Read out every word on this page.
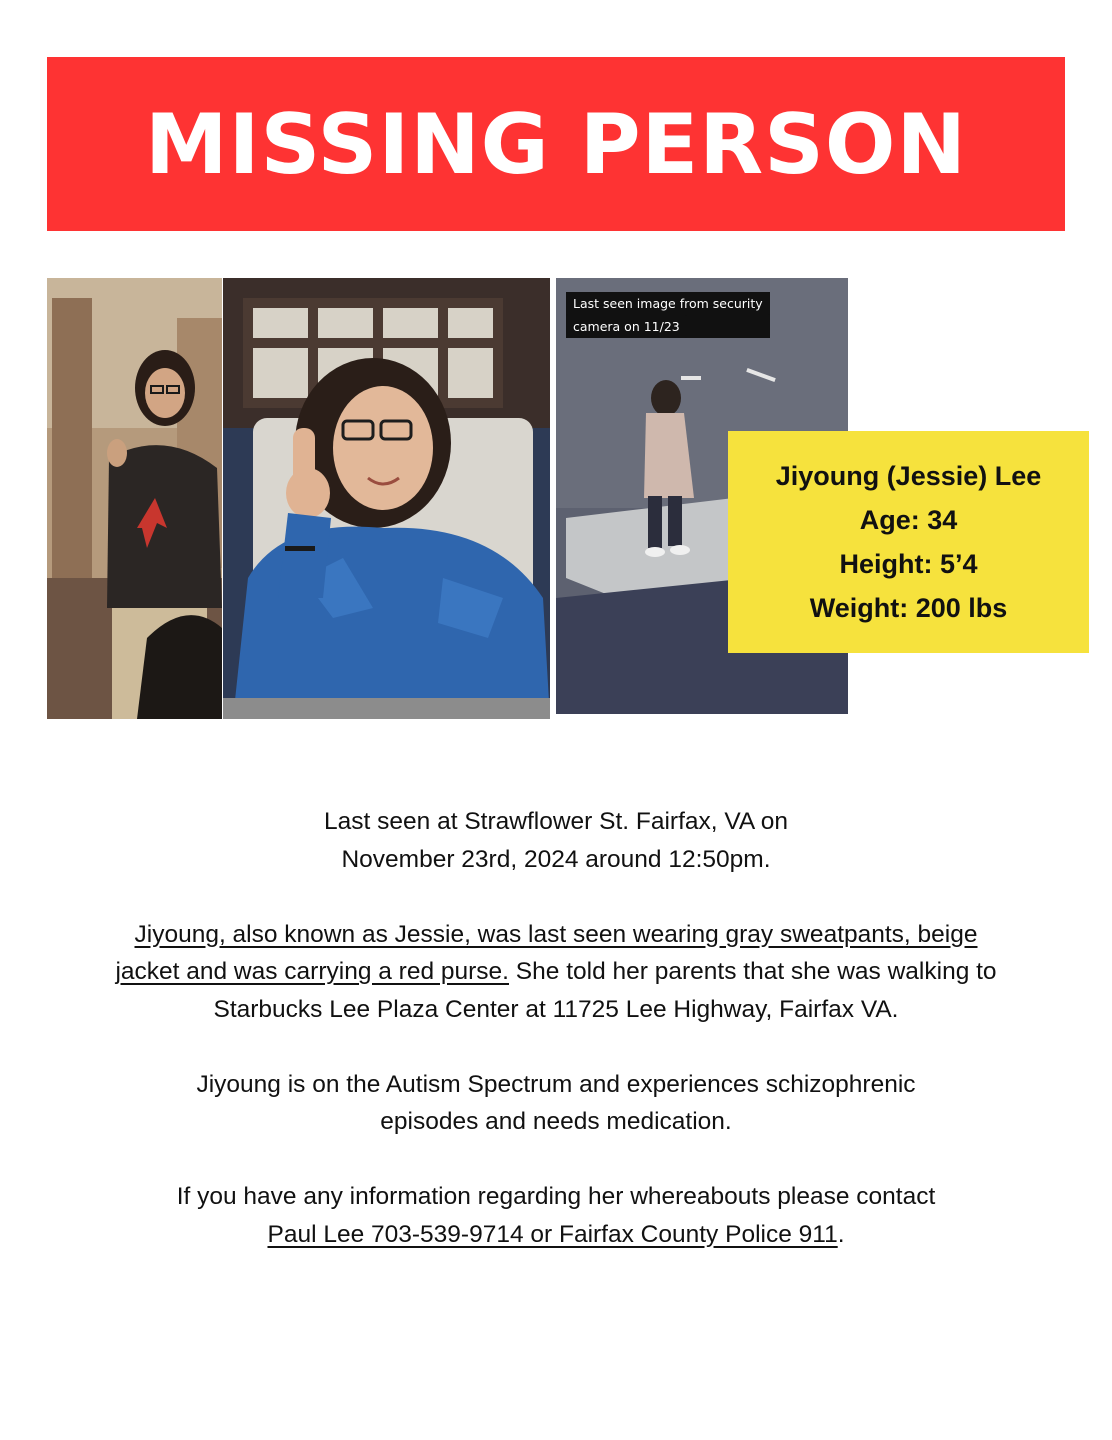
MISSING PERSON
Last seen image from security
camera on 11/23
Jiyoung (Jessie) Lee
Age: 34
Height: 5’4
Weight: 200 lbs

Last seen at Strawflower St. Fairfax, VA on
November 23rd, 2024 around 12:50pm.

Jiyoung, also known as Jessie, was last seen wearing gray sweatpants, beige
jacket and was carrying a red purse. She told her parents that she was walking to
Starbucks Lee Plaza Center at 11725 Lee Highway, Fairfax VA.

Jiyoung is on the Autism Spectrum and experiences schizophrenic
episodes and needs medication.

If you have any information regarding her whereabouts please contact
Paul Lee 703-539-9714 or Fairfax County Police 911.
